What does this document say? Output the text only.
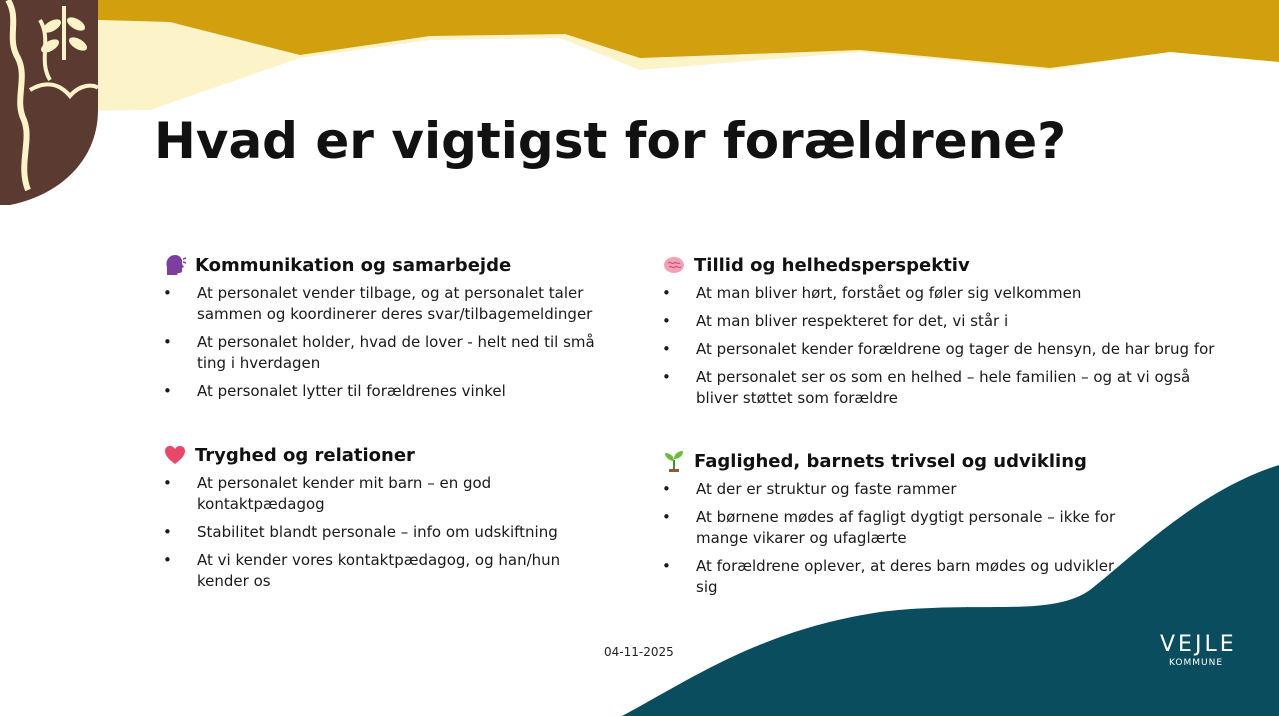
Hvad er vigtigst for forældrene?
Kommunikation og samarbejde
• At personalet vender tilbage, og at personalet taler sammen og koordinerer deres svar/tilbagemeldinger
• At personalet holder, hvad de lover - helt ned til små ting i hverdagen
• At personalet lytter til forældrenes vinkel
Tryghed og relationer
• At personalet kender mit barn – en god kontaktpædagog
• Stabilitet blandt personale – info om udskiftning
• At vi kender vores kontaktpædagog, og han/hun kender os
Tillid og helhedsperspektiv
• At man bliver hørt, forstået og føler sig velkommen
• At man bliver respekteret for det, vi står i
• At personalet kender forældrene og tager de hensyn, de har brug for
• At personalet ser os som en helhed – hele familien – og at vi også bliver støttet som forældre
Faglighed, barnets trivsel og udvikling
• At der er struktur og faste rammer
• At børnene mødes af fagligt dygtigt personale – ikke for mange vikarer og ufaglærte
• At forældrene oplever, at deres barn mødes og udvikler sig
04-11-2025	VEJLE
KOMMUNE
